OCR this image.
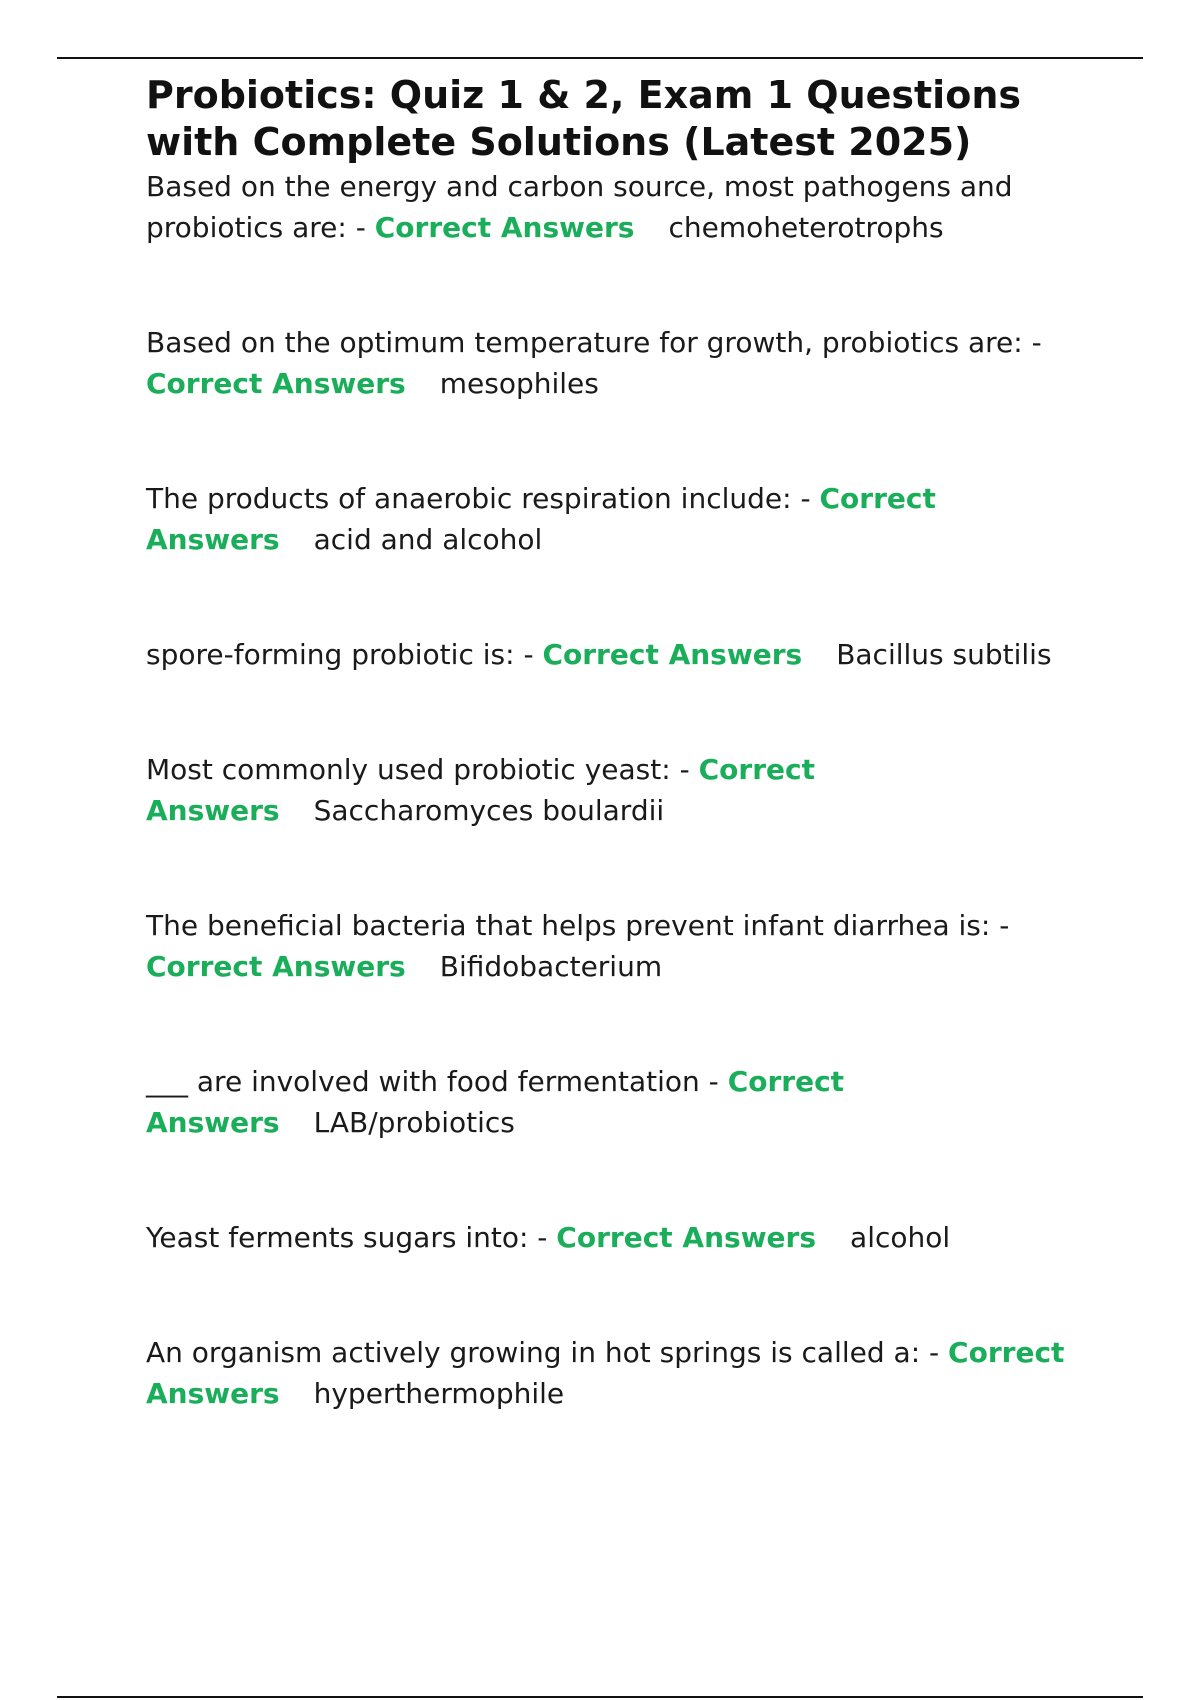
Probiotics: Quiz 1 & 2, Exam 1 Questions with Complete Solutions (Latest 2025)
Based on the energy and carbon source, most pathogens and probiotics are: - Correct Answers chemoheterotrophs
Based on the optimum temperature for growth, probiotics are: - Correct Answers mesophiles
The products of anaerobic respiration include: - Correct Answers acid and alcohol
spore-forming probiotic is: - Correct Answers Bacillus subtilis
Most commonly used probiotic yeast: - Correct Answers Saccharomyces boulardii
The beneficial bacteria that helps prevent infant diarrhea is: - Correct Answers Bifidobacterium
___ are involved with food fermentation - Correct Answers LAB/probiotics
Yeast ferments sugars into: - Correct Answers alcohol
An organism actively growing in hot springs is called a: - Correct Answers hyperthermophile
